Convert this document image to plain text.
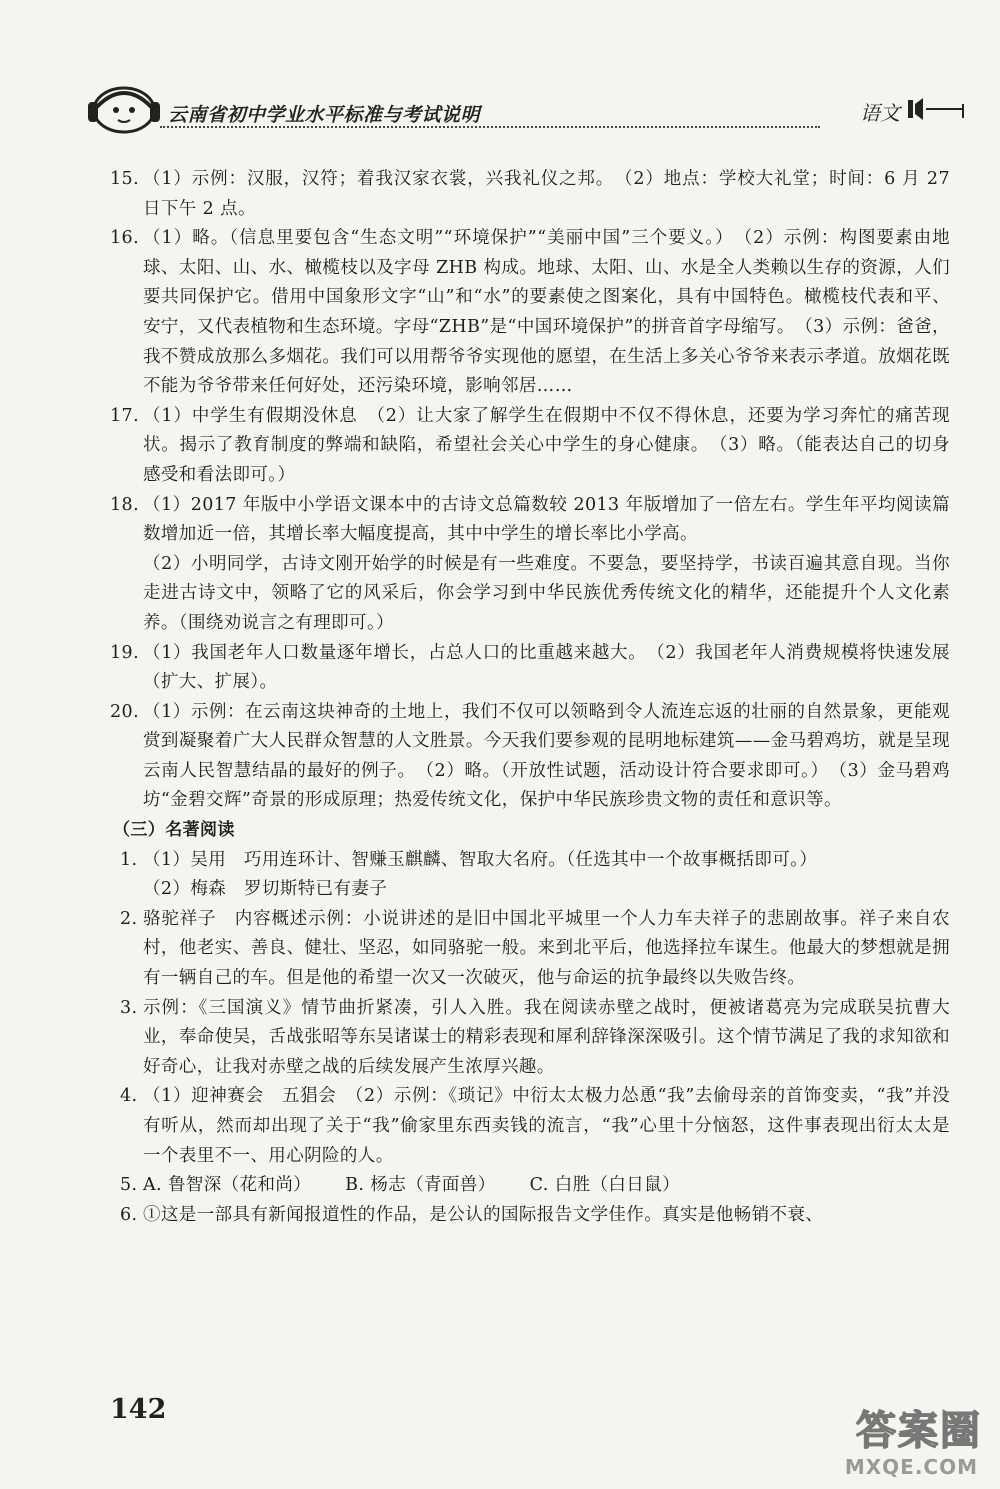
云南省初中学业水平标准与考试说明	语文
15. （1）示例：汉服，汉符；着我汉家衣裳，兴我礼仪之邦。　（2）地点：学校大礼堂；时间：6 月 27 日下午 2 点。
16. （1）略。（信息里要包含“生态文明”“环境保护”“美丽中国”三个要义。）　（2）示例：构图要素由地球、太阳、山、水、橄榄枝以及字母 ZHB 构成。地球、太阳、山、水是全人类赖以生存的资源，人们要共同保护它。借用中国象形文字“山”和“水”的要素使之图案化，具有中国特色。橄榄枝代表和平、安宁，又代表植物和生态环境。字母“ZHB”是“中国环境保护”的拼音首字母缩写。　（3）示例：爸爸，我不赞成放那么多烟花。我们可以用帮爷爷实现他的愿望，在生活上多关心爷爷来表示孝道。放烟花既不能为爷爷带来任何好处，还污染环境，影响邻居……
17. （1）中学生有假期没休息　（2）让大家了解学生在假期中不仅不得休息，还要为学习奔忙的痛苦现状。揭示了教育制度的弊端和缺陷，希望社会关心中学生的身心健康。　（3）略。（能表达自己的切身感受和看法即可。）
18. （1）2017 年版中小学语文课本中的古诗文总篇数较 2013 年版增加了一倍左右。学生年平均阅读篇数增加近一倍，其增长率大幅度提高，其中中学生的增长率比小学高。
（2）小明同学，古诗文刚开始学的时候是有一些难度。不要急，要坚持学，书读百遍其意自现。当你走进古诗文中，领略了它的风采后，你会学习到中华民族优秀传统文化的精华，还能提升个人文化素养。（围绕劝说言之有理即可。）
19. （1）我国老年人口数量逐年增长，占总人口的比重越来越大。　（2）我国老年人消费规模将快速发展（扩大、扩展）。
20. （1）示例：在云南这块神奇的土地上，我们不仅可以领略到令人流连忘返的壮丽的自然景象，更能观赏到凝聚着广大人民群众智慧的人文胜景。今天我们要参观的昆明地标建筑——金马碧鸡坊，就是呈现云南人民智慧结晶的最好的例子。　（2）略。（开放性试题，活动设计符合要求即可。）　（3）金马碧鸡坊“金碧交辉”奇景的形成原理；热爱传统文化，保护中华民族珍贵文物的责任和意识等。
（三）名著阅读
1. （1）吴用　巧用连环计、智赚玉麒麟、智取大名府。（任选其中一个故事概括即可。）
（2）梅森　罗切斯特已有妻子
2. 骆驼祥子　内容概述示例：小说讲述的是旧中国北平城里一个人力车夫祥子的悲剧故事。祥子来自农村，他老实、善良、健壮、坚忍，如同骆驼一般。来到北平后，他选择拉车谋生。他最大的梦想就是拥有一辆自己的车。但是他的希望一次又一次破灭，他与命运的抗争最终以失败告终。
3. 示例：《三国演义》情节曲折紧凑，引人入胜。我在阅读赤壁之战时，便被诸葛亮为完成联吴抗曹大业，奉命使吴，舌战张昭等东吴诸谋士的精彩表现和犀利辞锋深深吸引。这个情节满足了我的求知欲和好奇心，让我对赤壁之战的后续发展产生浓厚兴趣。
4. （1）迎神赛会　五猖会　（2）示例：《琐记》中衍太太极力怂恿“我”去偷母亲的首饰变卖，“我”并没有听从，然而却出现了关于“我”偷家里东西卖钱的流言，“我”心里十分恼怒，这件事表现出衍太太是一个表里不一、用心阴险的人。
5. A. 鲁智深（花和尚） B. 杨志（青面兽） C. 白胜（白日鼠）
6. ①这是一部具有新闻报道性的作品，是公认的国际报告文学佳作。真实是他畅销不衰、
142	答案圈
MXQE.COM
